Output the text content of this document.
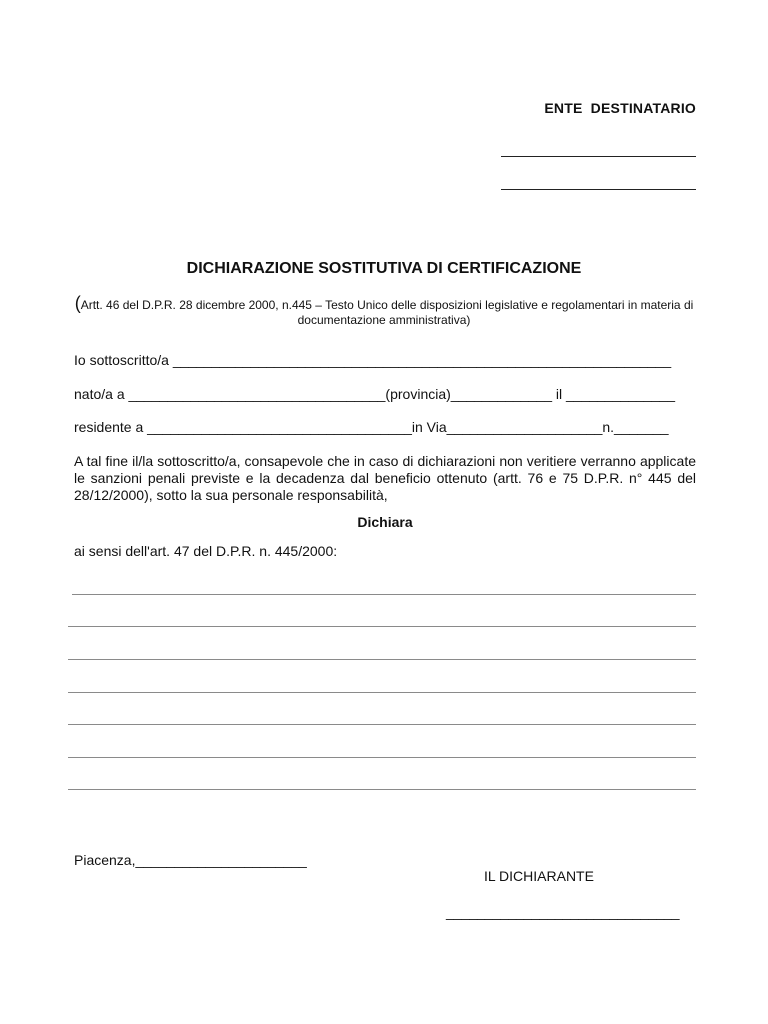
ENTE  DESTINATARIO
DICHIARAZIONE SOSTITUTIVA DI CERTIFICAZIONE
(Artt. 46 del D.P.R. 28 dicembre 2000, n.445 – Testo Unico delle disposizioni legislative e regolamentari in materia di documentazione amministrativa)
Io sottoscritto/a ________________________________________________________________
nato/a a _________________________________(provincia)_____________ il ______________
residente a __________________________________in Via____________________n._______
A tal fine il/la sottoscritto/a, consapevole che in caso di dichiarazioni non veritiere verranno applicate le sanzioni penali previste e la decadenza dal beneficio ottenuto (artt. 76 e 75 D.P.R. n° 445 del 28/12/2000), sotto la sua personale responsabilità,
Dichiara
ai sensi dell'art. 47 del D.P.R. n. 445/2000:
Piacenza,______________________
IL DICHIARANTE
______________________________
